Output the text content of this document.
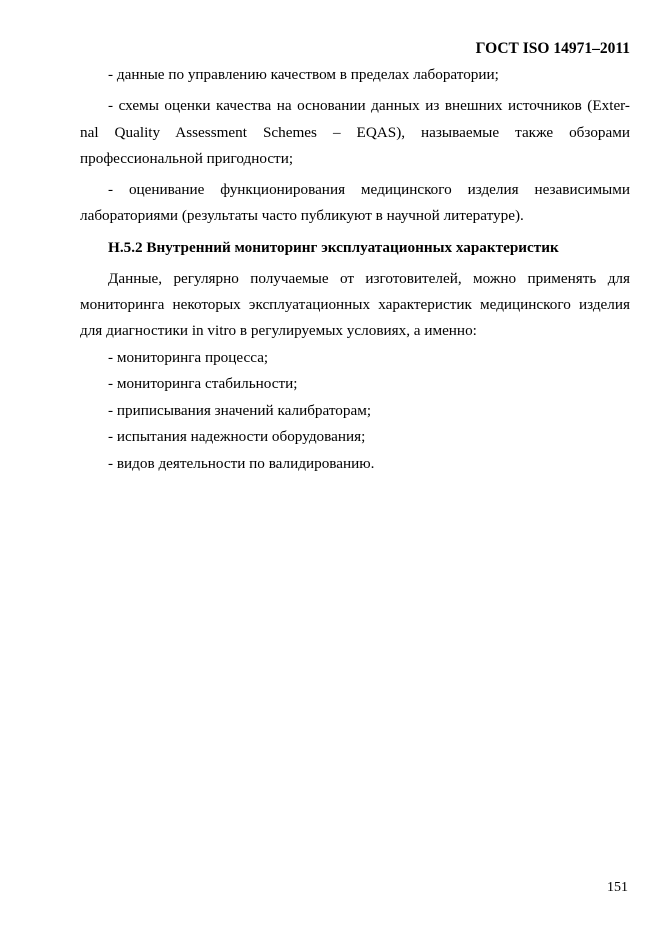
ГОСТ ISO 14971–2011

- данные по управлению качеством в пределах лаборатории;

- схемы оценки качества на основании данных из внешних источников (Exter-nal Quality Assessment Schemes – EQAS), называемые также обзорами профессиональной пригодности;

- оценивание функционирования медицинского изделия независимыми лабораториями (результаты часто публикуют в научной литературе).

H.5.2 Внутренний мониторинг эксплуатационных характеристик

Данные, регулярно получаемые от изготовителей, можно применять для мониторинга некоторых эксплуатационных характеристик медицинского изделия для диагностики in vitro в регулируемых условиях, а именно:

- мониторинга процесса;

- мониторинга стабильности;

- приписывания значений калибраторам;

- испытания надежности оборудования;

- видов деятельности по валидированию.

151
